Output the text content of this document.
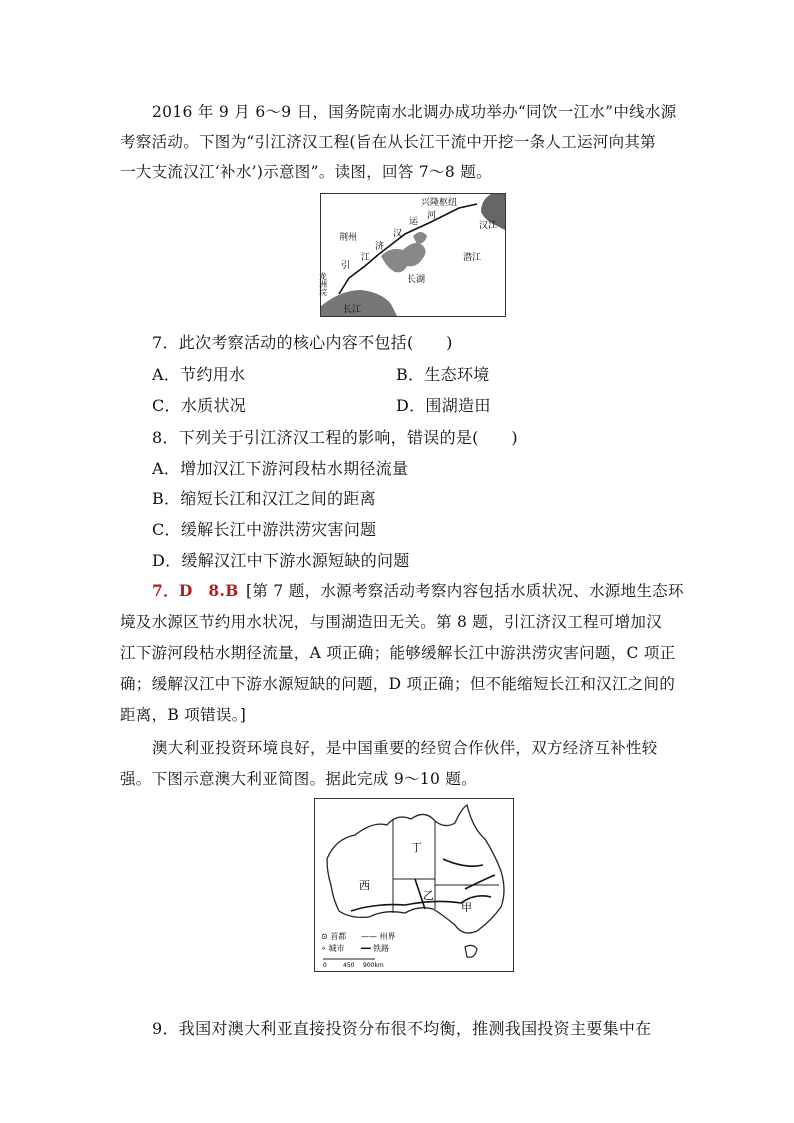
2016 年 9 月 6～9 日，国务院南水北调办成功举办“同饮一江水”中线水源
考察活动。下图为“引江济汉工程(旨在从长江干流中开挖一条人工运河向其第
一大支流汉江‘补水’)示意图”。读图，回答 7～8 题。
兴隆枢纽
河
运
汉
济
江
引
荆州
潜江
汉江
长湖
长江
龙洲垸
7．此次考察活动的核心内容不包括(　　)
A．节约用水	B．生态环境
C．水质状况	D．围湖造田
8．下列关于引江济汉工程的影响，错误的是(　　)
A．增加汉江下游河段枯水期径流量
B．缩短长江和汉江之间的距离
C．缓解长江中游洪涝灾害问题
D．缓解汉江中下游水源短缺的问题
7．D　8.B [第 7 题，水源考察活动考察内容包括水质状况、水源地生态环
境及水源区节约用水状况，与围湖造田无关。第 8 题，引江济汉工程可增加汉
江下游河段枯水期径流量，A 项正确；能够缓解长江中游洪涝灾害问题，C 项正
确；缓解汉江中下游水源短缺的问题，D 项正确；但不能缩短长江和汉江之间的
距离，B 项错误。]
澳大利亚投资环境良好，是中国重要的经贸合作伙伴，双方经济互补性较
强。下图示意澳大利亚简图。据此完成 9～10 题。
丁
西
乙
甲
⊙ 首都 —— 州界
∘ 城市 ━━ 铁路
0	450 900km
9．我国对澳大利亚直接投资分布很不均衡，推测我国投资主要集中在
